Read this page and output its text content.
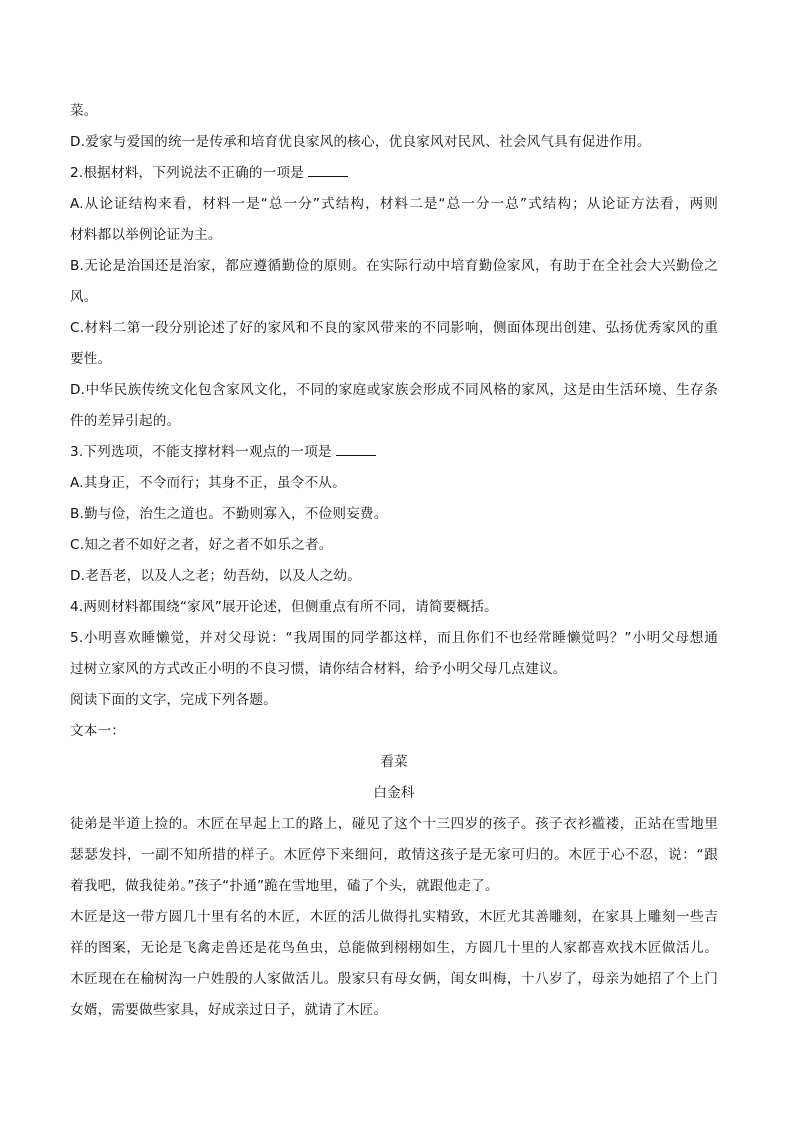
菜。
D.爱家与爱国的统一是传承和培育优良家风的核心，优良家风对民风、社会风气具有促进作用。
2.根据材料，下列说法不正确的一项是
A.从论证结构来看，材料一是“总一分”式结构，材料二是“总一分一总”式结构；从论证方法看，两则
材料都以举例论证为主。
B.无论是治国还是治家，都应遵循勤俭的原则。在实际行动中培育勤俭家风，有助于在全社会大兴勤俭之
风。
C.材料二第一段分别论述了好的家风和不良的家风带来的不同影响，侧面体现出创建、弘扬优秀家风的重
要性。
D.中华民族传统文化包含家风文化，不同的家庭或家族会形成不同风格的家风，这是由生活环境、生存条
件的差异引起的。
3.下列选项，不能支撑材料一观点的一项是
A.其身正，不令而行；其身不正，虽令不从。
B.勤与俭，治生之道也。不勤则寡入，不俭则妄费。
C.知之者不如好之者，好之者不如乐之者。
D.老吾老，以及人之老；幼吾幼，以及人之幼。
4.两则材料都围绕“家风”展开论述，但侧重点有所不同，请简要概括。
5.小明喜欢睡懒觉，并对父母说：“我周围的同学都这样，而且你们不也经常睡懒觉吗？”小明父母想通
过树立家风的方式改正小明的不良习惯，请你结合材料，给予小明父母几点建议。
阅读下面的文字，完成下列各题。
文本一：
看菜
白金科
徒弟是半道上捡的。木匠在早起上工的路上，碰见了这个十三四岁的孩子。孩子衣衫褴褛，正站在雪地里
瑟瑟发抖，一副不知所措的样子。木匠停下来细问，敢情这孩子是无家可归的。木匠于心不忍，说：“跟
着我吧，做我徒弟。”孩子“扑通”跪在雪地里，磕了个头，就跟他走了。
木匠是这一带方圆几十里有名的木匠，木匠的活儿做得扎实精致，木匠尤其善雕刻，在家具上雕刻一些吉
祥的图案，无论是飞禽走兽还是花鸟鱼虫，总能做到栩栩如生，方圆几十里的人家都喜欢找木匠做活儿。
木匠现在在榆树沟一户姓殷的人家做活儿。殷家只有母女俩，闺女叫梅，十八岁了，母亲为她招了个上门
女婿，需要做些家具，好成亲过日子，就请了木匠。
